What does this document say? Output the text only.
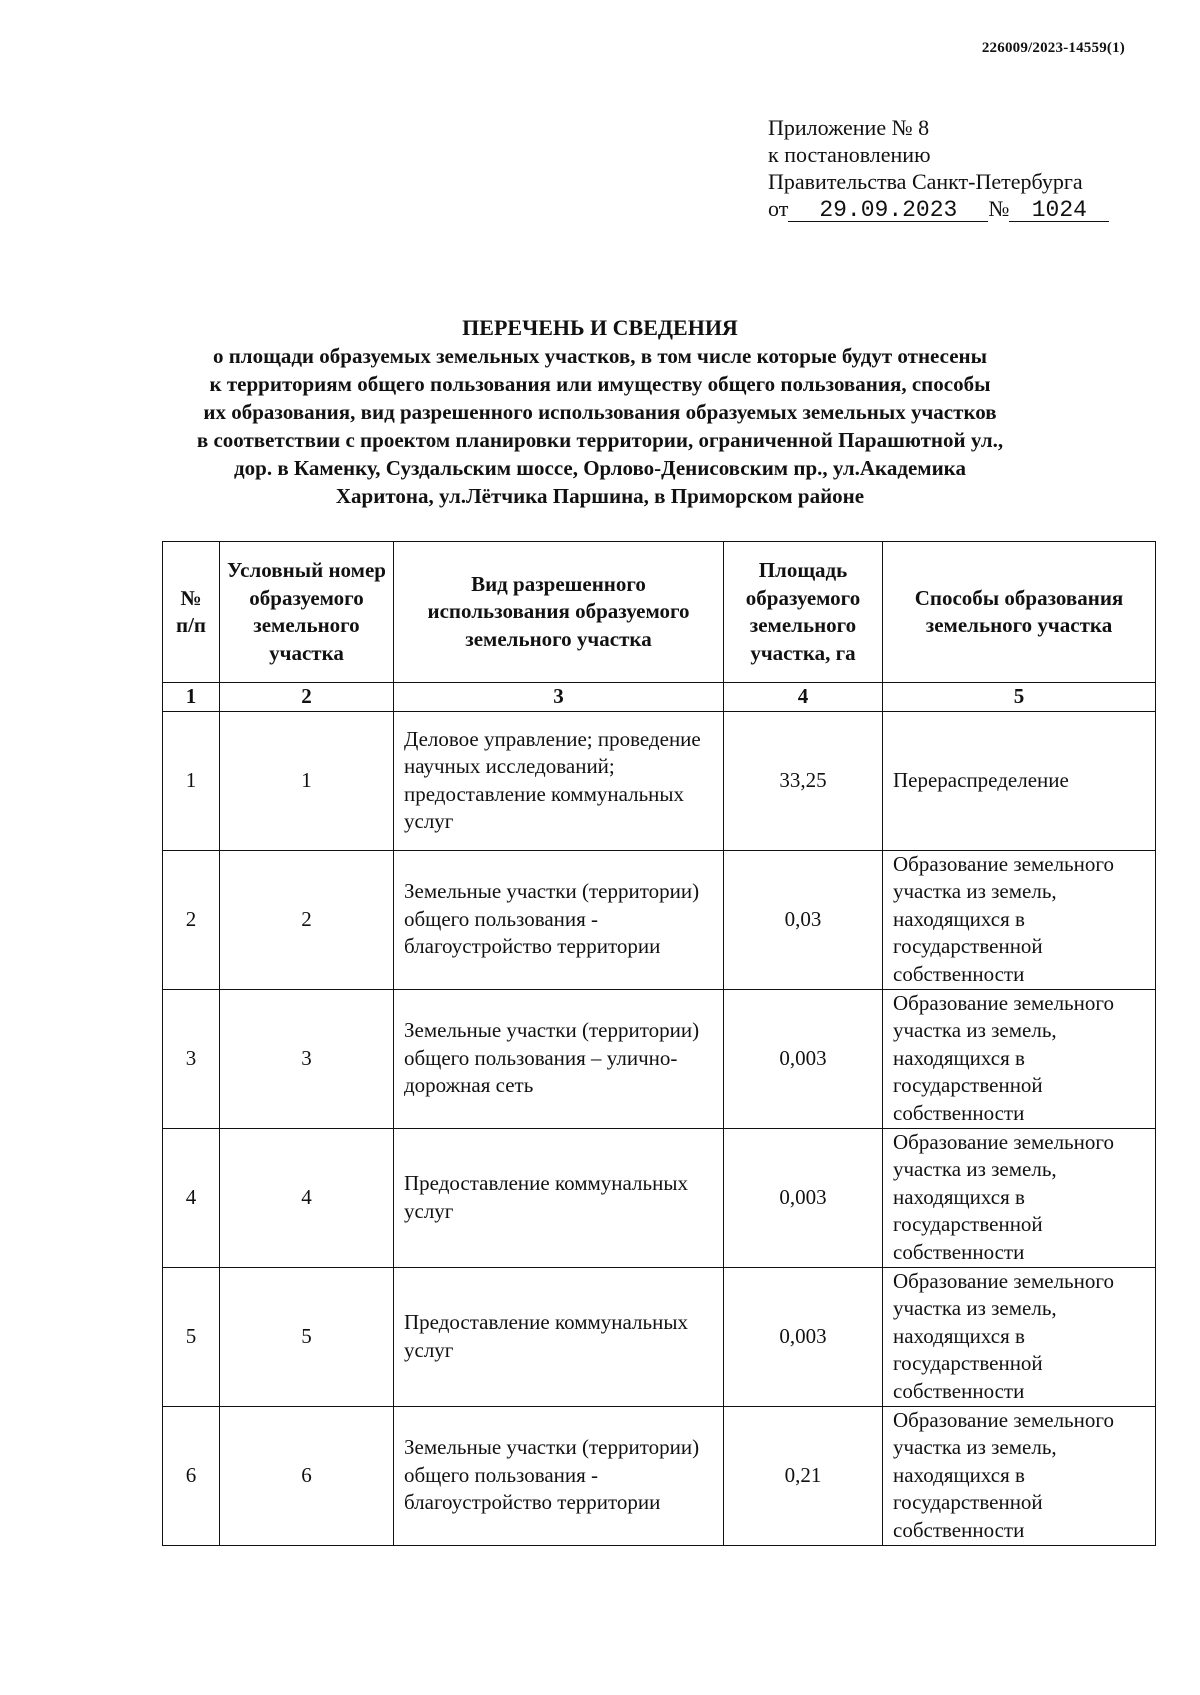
226009/2023-14559(1)
Приложение № 8
к постановлению
Правительства Санкт-Петербурга
от 29.09.2023 № 1024
ПЕРЕЧЕНЬ И СВЕДЕНИЯ
о площади образуемых земельных участков, в том числе которые будут отнесены
к территориям общего пользования или имуществу общего пользования, способы
их образования, вид разрешенного использования образуемых земельных участков
в соответствии с проектом планировки территории, ограниченной Парашютной ул.,
дор. в Каменку, Суздальским шоссе, Орлово-Денисовским пр., ул.Академика
Харитона, ул.Лётчика Паршина, в Приморском районе
№ п/п	Условный номер образуемого земельного участка	Вид разрешенного использования образуемого земельного участка	Площадь образуемого земельного участка, га	Способы образования земельного участка
1	2	3	4	5
1	1	Деловое управление; проведение научных исследований; предоставление коммунальных услуг	33,25	Перераспределение
2	2	Земельные участки (территории) общего пользования - благоустройство территории	0,03	Образование земельного участка из земель, находящихся в государственной собственности
3	3	Земельные участки (территории) общего пользования – улично-дорожная сеть	0,003	Образование земельного участка из земель, находящихся в государственной собственности
4	4	Предоставление коммунальных услуг	0,003	Образование земельного участка из земель, находящихся в государственной собственности
5	5	Предоставление коммунальных услуг	0,003	Образование земельного участка из земель, находящихся в государственной собственности
6	6	Земельные участки (территории) общего пользования - благоустройство территории	0,21	Образование земельного участка из земель, находящихся в государственной собственности
